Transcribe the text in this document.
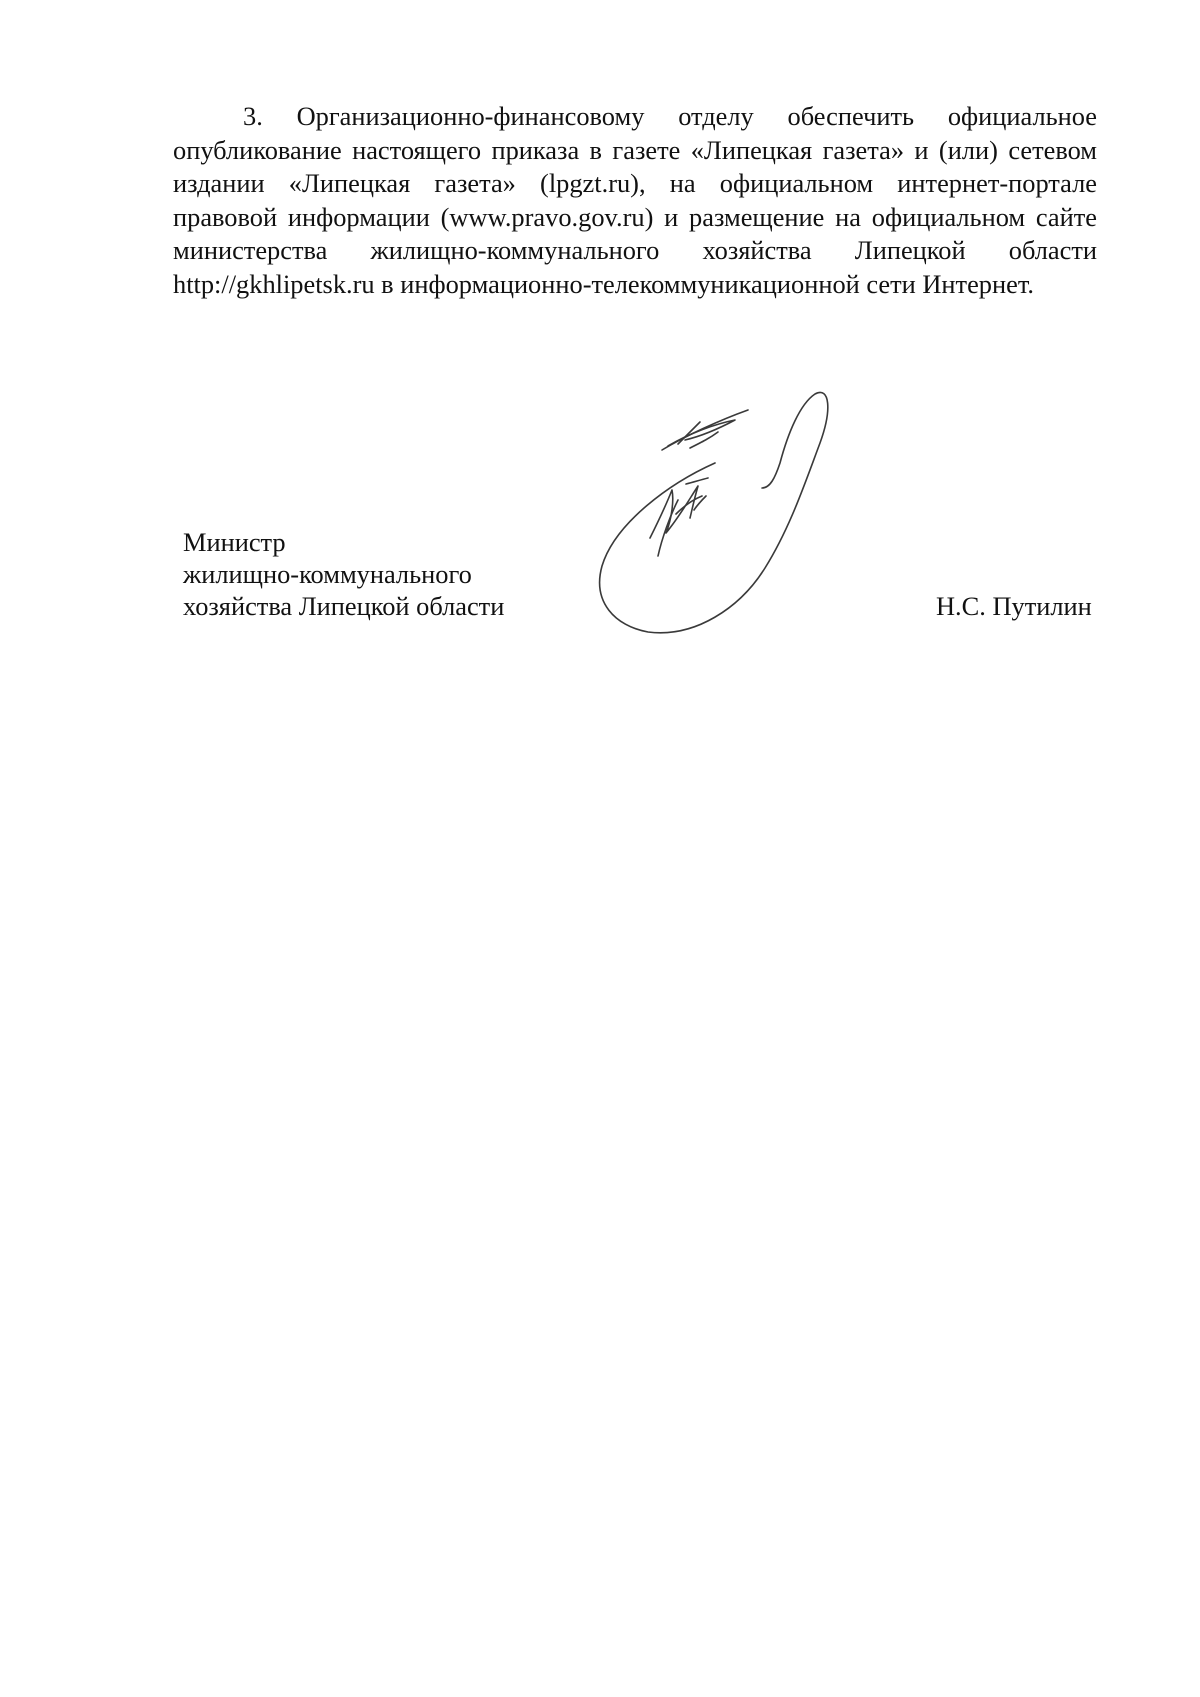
3. Организационно-финансовому отделу обеспечить официальное опубликование настоящего приказа в газете «Липецкая газета» и (или) сетевом издании «Липецкая газета» (lpgzt.ru), на официальном интернет-портале правовой информации (www.pravo.gov.ru) и размещение на официальном сайте министерства жилищно-коммунального хозяйства Липецкой области http://gkhlipetsk.ru в информационно-телекоммуникационной сети Интернет.

Министр
жилищно-коммунального
хозяйства Липецкой области	Н.С. Путилин
